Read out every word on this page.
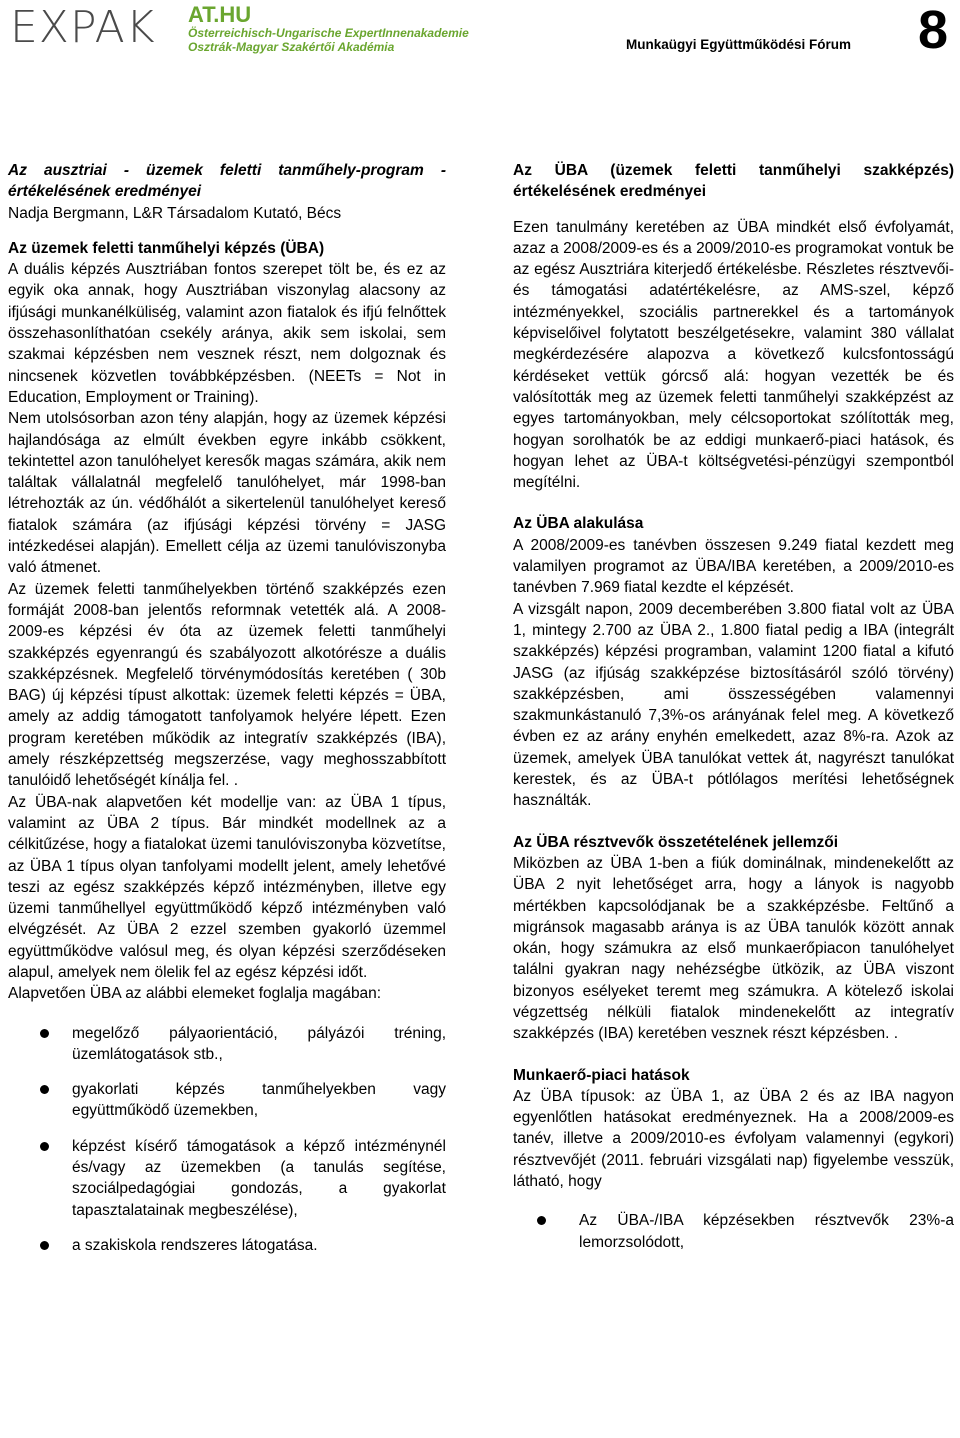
EXPAK AT.HU
Österreichisch-Ungarische ExpertInnenakademie
Osztrák-Magyar Szakértői Akadémia	Munkaügyi Együttműködési Fórum 8

Az ausztriai - üzemek feletti tanműhely-program - értékelésének eredményei

Nadja Bergmann, L&R Társadalom Kutató, Bécs

Az üzemek feletti tanműhelyi képzés (ÜBA)

A duális képzés Ausztriában fontos szerepet tölt be, és ez az egyik oka annak, hogy Ausztriában viszonylag alacsony az ifjúsági munkanélküliség, valamint azon fiatalok és ifjú felnőttek összehasonlíthatóan csekély aránya, akik sem iskolai, sem szakmai képzésben nem vesznek részt, nem dolgoznak és nincsenek közvetlen továbbképzésben. (NEETs = Not in Education, Employment or Training).

Nem utolsósorban azon tény alapján, hogy az üzemek képzési hajlandósága az elmúlt években egyre inkább csökkent, tekintettel azon tanulóhelyet keresők magas számára, akik nem találtak vállalatnál megfelelő tanulóhelyet, már 1998-ban létrehozták az ún. védőhálót a sikertelenül tanulóhelyet kereső fiatalok számára (az ifjúsági képzési törvény = JASG intézkedései alapján). Emellett célja az üzemi tanulóviszonyba való átmenet.

Az üzemek feletti tanműhelyekben történő szakképzés ezen formáját 2008-ban jelentős reformnak vetették alá. A 2008-2009-es képzési év óta az üzemek feletti tanműhelyi szakképzés egyenrangú és szabályozott alkotórésze a duális szakképzésnek. Megfelelő törvénymódosítás keretében ( 30b BAG) új képzési típust alkottak: üzemek feletti képzés = ÜBA, amely az addig támogatott tanfolyamok helyére lépett. Ezen program keretében működik az integratív szakképzés (IBA), amely részképzettség megszerzése, vagy meghosszabbított tanulóidő lehetőségét kínálja fel. .

Az ÜBA-nak alapvetően két modellje van: az ÜBA 1 típus, valamint az ÜBA 2 típus. Bár mindkét modellnek az a célkitűzése, hogy a fiatalokat üzemi tanulóviszonyba közvetítse, az ÜBA 1 típus olyan tanfolyami modellt jelent, amely lehetővé teszi az egész szakképzés képző intézményben, illetve egy üzemi tanműhellyel együttműködő képző intézményben való elvégzését. Az ÜBA 2 ezzel szemben gyakorló üzemmel együttműködve valósul meg, és olyan képzési szerződéseken alapul, amelyek nem ölelik fel az egész képzési időt.

Alapvetően ÜBA az alábbi elemeket foglalja magában:

megelőző pályaorientáció, pályázói tréning, üzemlátogatások stb.,
gyakorlati képzés tanműhelyekben vagy együttműködő üzemekben,
képzést kísérő támogatások a képző intézménynél és/vagy az üzemekben (a tanulás segítése, szociálpedagógiai gondozás, a gyakorlat tapasztalatainak megbeszélése),
a szakiskola rendszeres látogatása.

Az ÜBA (üzemek feletti tanműhelyi szakképzés) értékelésének eredményei

Ezen tanulmány keretében az ÜBA mindkét első évfolyamát, azaz a 2008/2009-es és a 2009/2010-es programokat vontuk be az egész Ausztriára kiterjedő értékelésbe. Részletes résztvevői- és támogatási adatértékelésre, az AMS-szel, képző intézményekkel, szociális partnerekkel és a tartományok képviselőivel folytatott beszélgetésekre, valamint 380 vállalat megkérdezésére alapozva a következő kulcsfontosságú kérdéseket vettük górcső alá: hogyan vezették be és valósították meg az üzemek feletti tanműhelyi szakképzést az egyes tartományokban, mely célcsoportokat szólították meg, hogyan sorolhatók be az eddigi munkaerő-piaci hatások, és hogyan lehet az ÜBA-t költségvetési-pénzügyi szempontból megítélni.

Az ÜBA alakulása

A 2008/2009-es tanévben összesen 9.249 fiatal kezdett meg valamilyen programot az ÜBA/IBA keretében, a 2009/2010-es tanévben 7.969 fiatal kezdte el képzését.

A vizsgált napon, 2009 decemberében 3.800 fiatal volt az ÜBA 1, mintegy 2.700 az ÜBA 2., 1.800 fiatal pedig a IBA (integrált szakképzés) képzési programban, valamint 1200 fiatal a kifutó JASG (az ifjúság szakképzése biztosításáról szóló törvény) szakképzésben, ami összességében valamennyi szakmunkástanuló 7,3%-os arányának felel meg. A következő évben ez az arány enyhén emelkedett, azaz 8%-ra. Azok az üzemek, amelyek ÜBA tanulókat vettek át, nagyrészt tanulókat kerestek, és az ÜBA-t pótlólagos merítési lehetőségnek használták.

Az ÜBA résztvevők összetételének jellemzői

Miközben az ÜBA 1-ben a fiúk dominálnak, mindenekelőtt az ÜBA 2 nyit lehetőséget arra, hogy a lányok is nagyobb mértékben kapcsolódjanak be a szakképzésbe. Feltűnő a migránsok magasabb aránya is az ÜBA tanulók között annak okán, hogy számukra az első munkaerőpiacon tanulóhelyet találni gyakran nagy nehézségbe ütközik, az ÜBA viszont bizonyos esélyeket teremt meg számukra. A kötelező iskolai végzettség nélküli fiatalok mindenekelőtt az integratív szakképzés (IBA) keretében vesznek részt képzésben. .

Munkaerő-piaci hatások

Az ÜBA típusok: az ÜBA 1, az ÜBA 2 és az IBA nagyon egyenlőtlen hatásokat eredményeznek. Ha a 2008/2009-es tanév, illetve a 2009/2010-es évfolyam valamennyi (egykori) résztvevőjét (2011. februári vizsgálati nap) figyelembe vesszük, látható, hogy

Az ÜBA-/IBA képzésekben résztvevők 23%-a lemorzsolódott,
